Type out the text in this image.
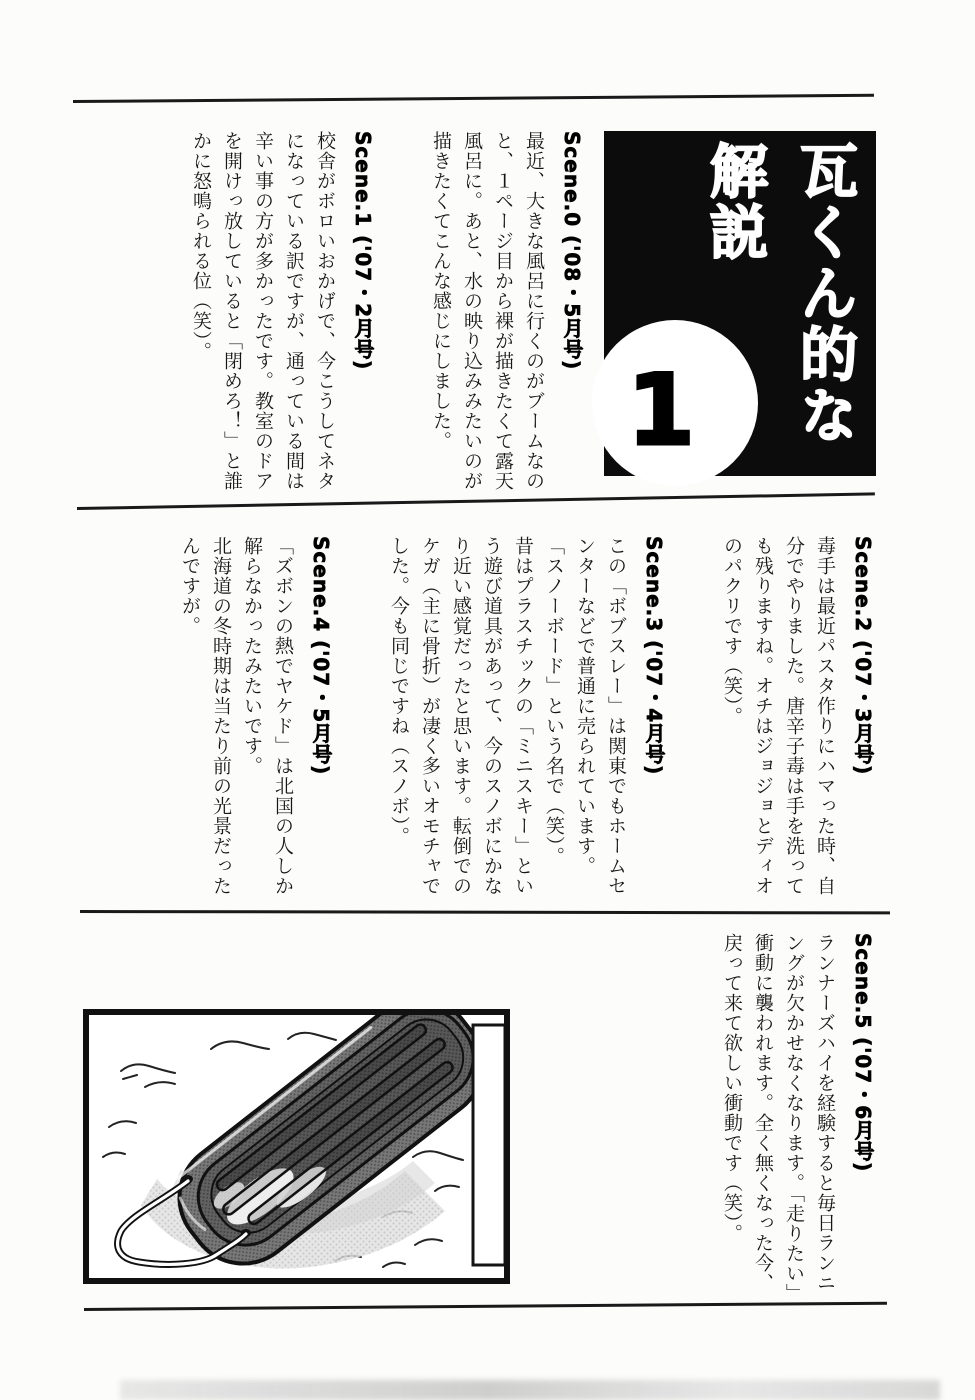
瓦くん的な
解説
1
Scene.0 ('08・5月号)

最近、大きな風呂に行くのがブームなのと、１ページ目から裸が描きたくて露天風呂に。あと、水の映り込みみたいのが描きたくてこんな感じにしました。

Scene.1 ('07・2月号)

校舎がボロいおかげで、今こうしてネタになっている訳ですが、通っている間は辛い事の方が多かったです。教室のドアを開けっ放していると「閉めろ！」と誰かに怒鳴られる位（笑）。

Scene.2 ('07・3月号)

毒手は最近パスタ作りにハマった時、自分でやりました。唐辛子毒は手を洗っても残りますね。オチはジョジョとディオのパクリです（笑）。

Scene.3 ('07・4月号)

この「ボブスレー」は関東でもホームセンターなどで普通に売られています。「スノーボード」という名で（笑）。

昔はプラスチックの「ミニスキー」という遊び道具があって、今のスノボにかなり近い感覚だったと思います。転倒でのケガ（主に骨折）が凄く多いオモチャでした。今も同じですね（スノボ）。

Scene.4 ('07・5月号)

「ズボンの熱でヤケド」は北国の人しか解らなかったみたいです。

北海道の冬時期は当たり前の光景だったんですが。

Scene.5 ('07・6月号)

ランナーズハイを経験すると毎日ランニングが欠かせなくなります。「走りたい」衝動に襲われます。全く無くなった今、戻って来て欲しい衝動です（笑）。
